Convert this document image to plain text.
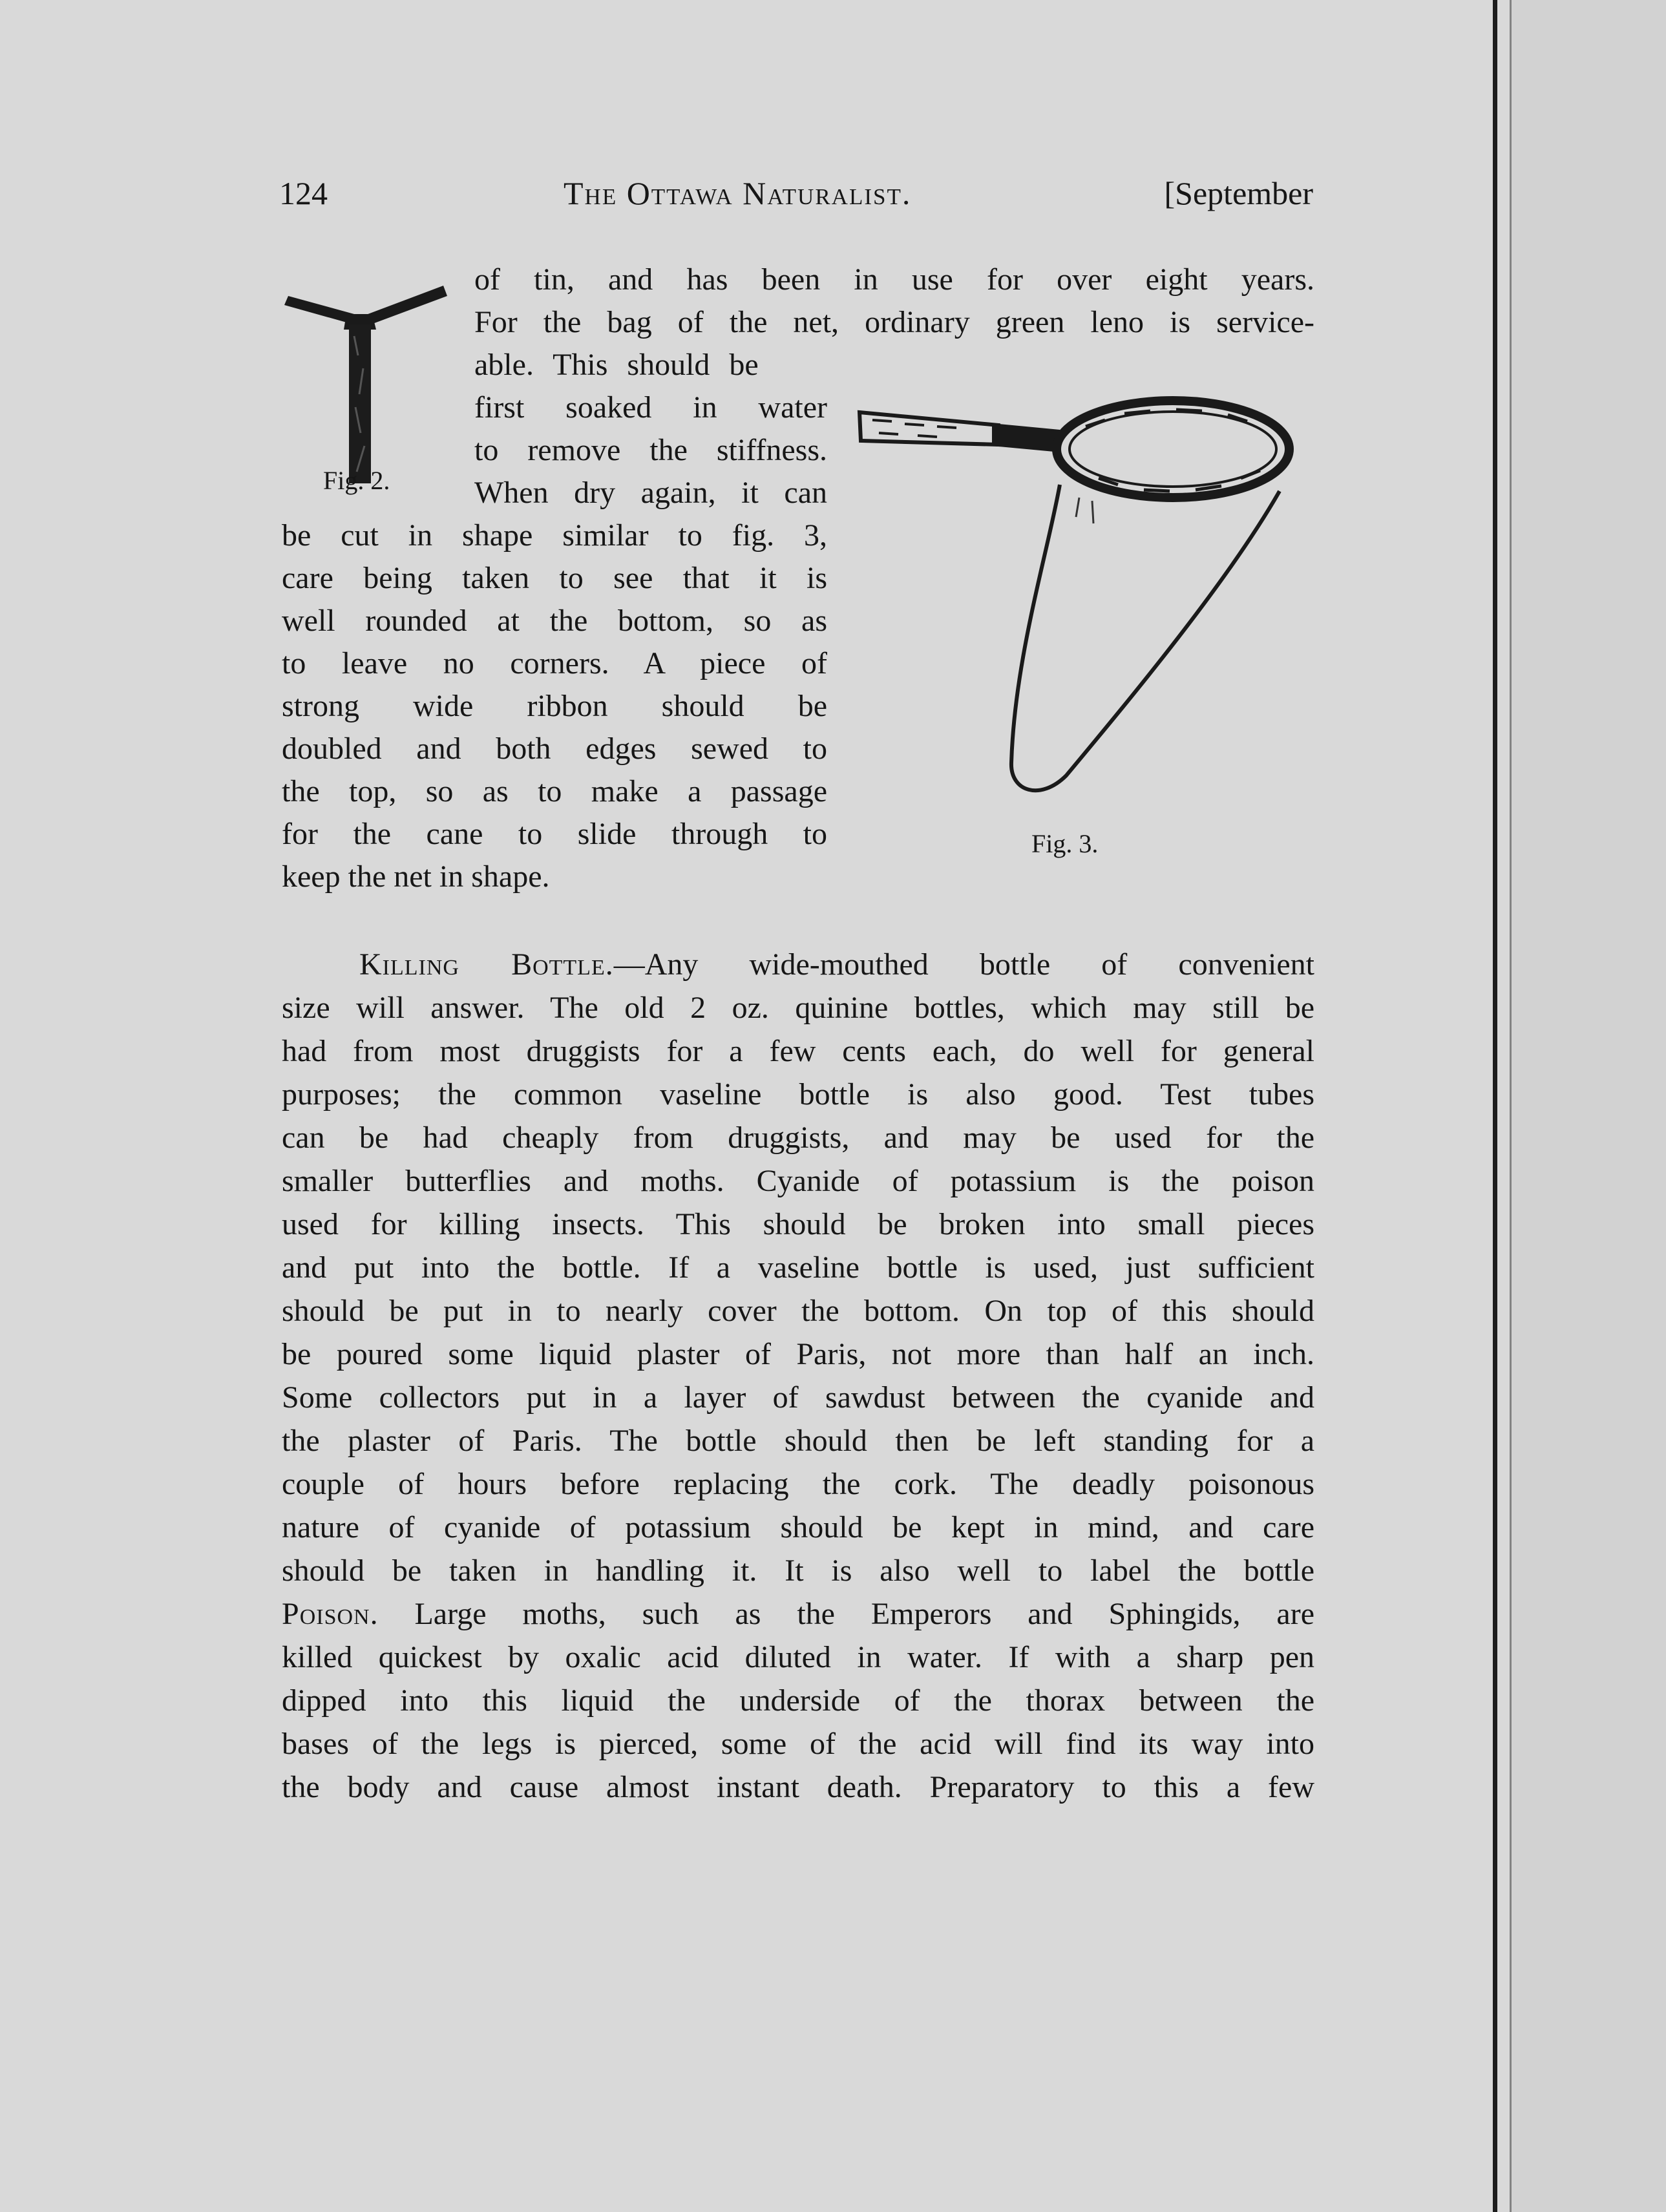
124	The Ottawa Naturalist.	[September
Fig. 2.
Fig. 3.
of tin, and has been in use for over eight years.
For the bag of the net, ordinary green leno is service-
able. This should be
first soaked in water
to remove the stiffness.
When dry again, it can
be cut in shape similar to fig. 3,
care being taken to see that it is
well rounded at the bottom, so as
to leave no corners. A piece of
strong wide ribbon should be
doubled and both edges sewed to
the top, so as to make a passage
for the cane to slide through to
keep the net in shape.
Killing Bottle.—Any wide-mouthed bottle of convenient
size will answer. The old 2 oz. quinine bottles, which may still be
had from most druggists for a few cents each, do well for general
purposes; the common vaseline bottle is also good. Test tubes
can be had cheaply from druggists, and may be used for the
smaller butterflies and moths. Cyanide of potassium is the poison
used for killing insects. This should be broken into small pieces
and put into the bottle. If a vaseline bottle is used, just sufficient
should be put in to nearly cover the bottom. On top of this should
be poured some liquid plaster of Paris, not more than half an inch.
Some collectors put in a layer of sawdust between the cyanide and
the plaster of Paris. The bottle should then be left standing for a
couple of hours before replacing the cork. The deadly poisonous
nature of cyanide of potassium should be kept in mind, and care
should be taken in handling it. It is also well to label the bottle
Poison. Large moths, such as the Emperors and Sphingids, are
killed quickest by oxalic acid diluted in water. If with a sharp pen
dipped into this liquid the underside of the thorax between the
bases of the legs is pierced, some of the acid will find its way into
the body and cause almost instant death. Preparatory to this a few
